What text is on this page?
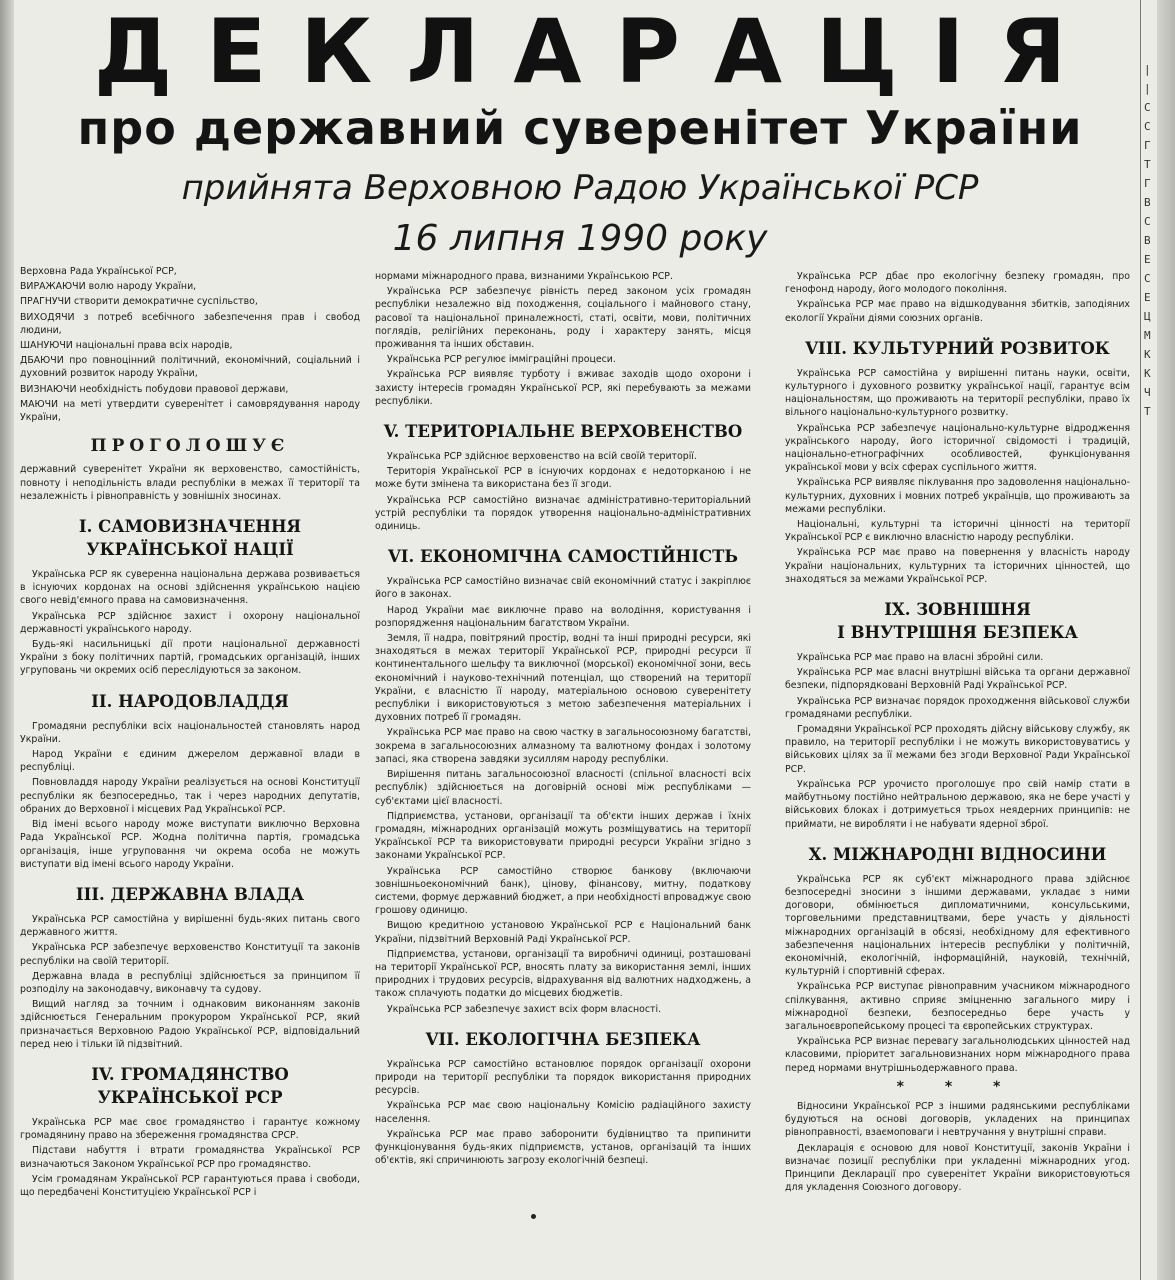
ДЕКЛАРАЦІЯ
про державний суверенітет України
прийнята Верховною Радою Української РСР
16 липня 1990 року

Верховна Рада Української РСР,

ВИРАЖАЮЧИ волю народу України,

ПРАГНУЧИ створити демократичне суспільство,

ВИХОДЯЧИ з потреб всебічного забезпечення прав і свобод людини,

ШАНУЮЧИ національні права всіх народів,

ДБАЮЧИ про повноцінний політичний, економічний, соціальний і духовний розвиток народу України,

ВИЗНАЮЧИ необхідність побудови правової держави,

МАЮЧИ на меті утвердити суверенітет і самоврядування народу України,

ПРОГОЛОШУЄ

державний суверенітет України як верховенство, самостійність, повноту і неподільність влади республіки в межах її території та незалежність і рівноправність у зовнішніх зносинах.

І. САМОВИЗНАЧЕННЯ
УКРАЇНСЬКОЇ НАЦІЇ

Українська РСР як суверенна національна держава розвивається в існуючих кордонах на основі здійснення українською нацією свого невід'ємного права на самовизначення.

Українська РСР здійснює захист і охорону національної державності українського народу.

Будь-які насильницькі дії проти національної державності України з боку політичних партій, громадських організацій, інших угруповань чи окремих осіб переслідуються за законом.

ІІ. НАРОДОВЛАДДЯ

Громадяни республіки всіх національностей становлять народ України.

Народ України є єдиним джерелом державної влади в республіці.

Повновладдя народу України реалізується на основі Конституції республіки як безпосередньо, так і через народних депутатів, обраних до Верховної і місцевих Рад Української РСР.

Від імені всього народу може виступати виключно Верховна Рада Української РСР. Жодна політична партія, громадська організація, інше угруповання чи окрема особа не можуть виступати від імені всього народу України.

ІІІ. ДЕРЖАВНА ВЛАДА

Українська РСР самостійна у вирішенні будь-яких питань свого державного життя.

Українська РСР забезпечує верховенство Конституції та законів республіки на своїй території.

Державна влада в республіці здійснюється за принципом її розподілу на законодавчу, виконавчу та судову.

Вищий нагляд за точним і однаковим виконанням законів здійснюється Генеральним прокурором Української РСР, який призначається Верховною Радою Української РСР, відповідальний перед нею і тільки їй підзвітний.

IV. ГРОМАДЯНСТВО УКРАЇНСЬКОЇ РСР

Українська РСР має своє громадянство і гарантує кожному громадянину право на збереження громадянства СРСР.

Підстави набуття і втрати громадянства Української РСР визначаються Законом Української РСР про громадянство.

Усім громадянам Української РСР гарантуються права і свободи, що передбачені Конституцією Української РСР і

нормами міжнародного права, визнаними Українською РСР.

Українська РСР забезпечує рівність перед законом усіх громадян республіки незалежно від походження, соціального і майнового стану, расової та національної приналежності, статі, освіти, мови, політичних поглядів, релігійних переконань, роду і характеру занять, місця проживання та інших обставин.

Українська РСР регулює імміграційні процеси.

Українська РСР виявляє турботу і вживає заходів щодо охорони і захисту інтересів громадян Української РСР, які перебувають за межами республіки.

V. ТЕРИТОРІАЛЬНЕ ВЕРХОВЕНСТВО

Українська РСР здійснює верховенство на всій своїй території.

Територія Української РСР в існуючих кордонах є недоторканою і не може бути змінена та використана без її згоди.

Українська РСР самостійно визначає адміністративно-територіальний устрій республіки та порядок утворення національно-адміністративних одиниць.

VI. ЕКОНОМІЧНА САМОСТІЙНІСТЬ

Українська РСР самостійно визначає свій економічний статус і закріплює його в законах.

Народ України має виключне право на володіння, користування і розпорядження національним багатством України.

Земля, її надра, повітряний простір, водні та інші природні ресурси, які знаходяться в межах території Української РСР, природні ресурси її континентального шельфу та виключної (морської) економічної зони, весь економічний і науково-технічний потенціал, що створений на території України, є власністю її народу, матеріальною основою суверенітету республіки і використовуються з метою забезпечення матеріальних і духовних потреб її громадян.

Українська РСР має право на свою частку в загальносоюзному багатстві, зокрема в загальносоюзних алмазному та валютному фондах і золотому запасі, яка створена завдяки зусиллям народу республіки.

Вирішення питань загальносоюзної власності (спільної власності всіх республік) здійснюється на договірній основі між республіками — суб'єктами цієї власності.

Підприємства, установи, організації та об'єкти інших держав і їхніх громадян, міжнародних організацій можуть розміщуватись на території Української РСР та використовувати природні ресурси України згідно з законами Української РСР.

Українська РСР самостійно створює банкову (включаючи зовнішньоекономічний банк), цінову, фінансову, митну, податкову системи, формує державний бюджет, а при необхідності впроваджує свою грошову одиницю.

Вищою кредитною установою Української РСР є Національний банк України, підзвітний Верховній Раді Української РСР.

Підприємства, установи, організації та виробничі одиниці, розташовані на території Української РСР, вносять плату за використання землі, інших природних і трудових ресурсів, відрахування від валютних надходжень, а також сплачують податки до місцевих бюджетів.

Українська РСР забезпечує захист всіх форм власності.

VII. ЕКОЛОГІЧНА БЕЗПЕКА

Українська РСР самостійно встановлює порядок організації охорони природи на території республіки та порядок використання природних ресурсів.

Українська РСР має свою національну Комісію радіаційного захисту населення.

Українська РСР має право заборонити будівництво та припинити функціонування будь-яких підприємств, установ, організацій та інших об'єктів, які спричинюють загрозу екологічній безпеці.

Українська РСР дбає про екологічну безпеку громадян, про генофонд народу, його молодого покоління.

Українська РСР має право на відшкодування збитків, заподіяних екології України діями союзних органів.

VIII. КУЛЬТУРНИЙ РОЗВИТОК

Українська РСР самостійна у вирішенні питань науки, освіти, культурного і духовного розвитку української нації, гарантує всім національностям, що проживають на території республіки, право їх вільного національно-культурного розвитку.

Українська РСР забезпечує національно-культурне відродження українського народу, його історичної свідомості і традицій, національно-етнографічних особливостей, функціонування української мови у всіх сферах суспільного життя.

Українська РСР виявляє піклування про задоволення національно-культурних, духовних і мовних потреб українців, що проживають за межами республіки.

Національні, культурні та історичні цінності на території Української РСР є виключно власністю народу республіки.

Українська РСР має право на повернення у власність народу України національних, культурних та історичних цінностей, що знаходяться за межами Української РСР.

IX. ЗОВНІШНЯ
І ВНУТРІШНЯ БЕЗПЕКА

Українська РСР має право на власні збройні сили.

Українська РСР має власні внутрішні війська та органи державної безпеки, підпорядковані Верховній Раді Української РСР.

Українська РСР визначає порядок проходження військової служби громадянами республіки.

Громадяни Української РСР проходять дійсну військову службу, як правило, на території республіки і не можуть використовуватись у військових цілях за її межами без згоди Верховної Ради Української РСР.

Українська РСР урочисто проголошує про свій намір стати в майбутньому постійно нейтральною державою, яка не бере участі у військових блоках і дотримується трьох неядерних принципів: не приймати, не виробляти і не набувати ядерної зброї.

X. МІЖНАРОДНІ ВІДНОСИНИ

Українська РСР як суб'єкт міжнародного права здійснює безпосередні зносини з іншими державами, укладає з ними договори, обмінюється дипломатичними, консульськими, торговельними представництвами, бере участь у діяльності міжнародних організацій в обсязі, необхідному для ефективного забезпечення національних інтересів республіки у політичній, економічній, екологічній, інформаційній, науковій, технічній, культурній і спортивній сферах.

Українська РСР виступає рівноправним учасником міжнародного спілкування, активно сприяє зміцненню загального миру і міжнародної безпеки, безпосередньо бере участь у загальноєвропейському процесі та європейських структурах.

Українська РСР визнає перевагу загальнолюдських цінностей над класовими, пріоритет загальновизнаних норм міжнародного права перед нормами внутрішньодержавного права.

* * *

Відносини Української РСР з іншими радянськими республіками будуються на основі договорів, укладених на принципах рівноправності, взаємоповаги і невтручання у внутрішні справи.

Декларація є основою для нової Конституції, законів України і визначає позиції республіки при укладенні міжнародних угод. Принципи Декларації про суверенітет України використовуються для укладення Союзного договору.

|
|
С
С
Г
Т
Г
В
С
В
Е
С
Е
Ц
М
К
К
Ч
Т
